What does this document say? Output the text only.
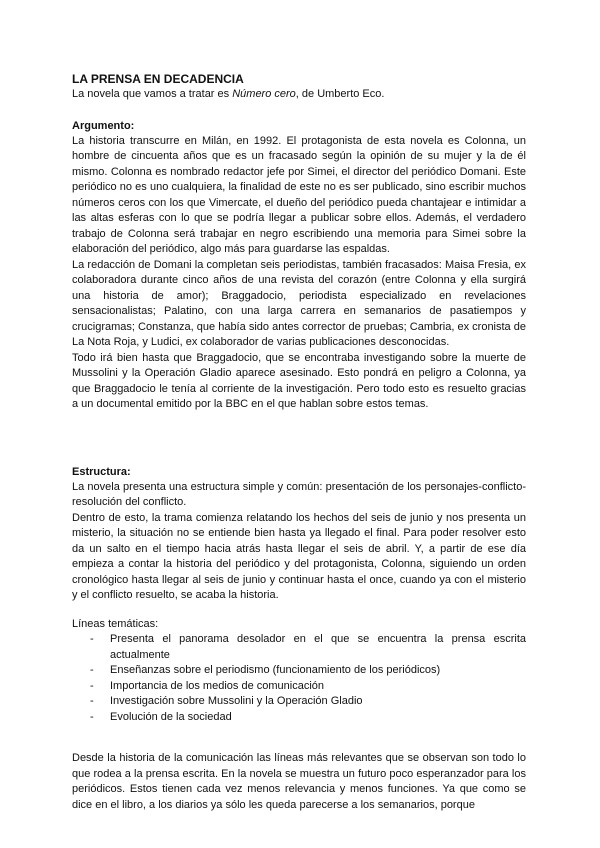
LA PRENSA EN DECADENCIA

La novela que vamos a tratar es Número cero, de Umberto Eco.

Argumento:

La historia transcurre en Milán, en 1992. El protagonista de esta novela es Colonna, un hombre de cincuenta años que es un fracasado según la opinión de su mujer y la de él mismo. Colonna es nombrado redactor jefe por Simei, el director del periódico Domani. Este periódico no es uno cualquiera, la finalidad de este no es ser publicado, sino escribir muchos números ceros con los que Vimercate, el dueño del periódico pueda chantajear e intimidar a las altas esferas con lo que se podría llegar a publicar sobre ellos. Además, el verdadero trabajo de Colonna será trabajar en negro escribiendo una memoria para Simei sobre la elaboración del periódico, algo más para guardarse las espaldas.

La redacción de Domani la completan seis periodistas, también fracasados: Maisa Fresia, ex colaboradora durante cinco años de una revista del corazón (entre Colonna y ella surgirá una historia de amor); Braggadocio, periodista especializado en revelaciones sensacionalistas; Palatino, con una larga carrera en semanarios de pasatiempos y crucigramas; Constanza, que había sido antes corrector de pruebas; Cambria, ex cronista de La Nota Roja, y Ludici, ex colaborador de varias publicaciones desconocidas.

Todo irá bien hasta que Braggadocio, que se encontraba investigando sobre la muerte de Mussolini y la Operación Gladio aparece asesinado. Esto pondrá en peligro a Colonna, ya que Braggadocio le tenía al corriente de la investigación. Pero todo esto es resuelto gracias a un documental emitido por la BBC en el que hablan sobre estos temas.

Estructura:

La novela presenta una estructura simple y común: presentación de los personajes-conflicto-resolución del conflicto.

Dentro de esto, la trama comienza relatando los hechos del seis de junio y nos presenta un misterio, la situación no se entiende bien hasta ya llegado el final. Para poder resolver esto da un salto en el tiempo hacia atrás hasta llegar el seis de abril. Y, a partir de ese día empieza a contar la historia del periódico y del protagonista, Colonna, siguiendo un orden cronológico hasta llegar al seis de junio y continuar hasta el once, cuando ya con el misterio y el conflicto resuelto, se acaba la historia.

Líneas temáticas:

- Presenta el panorama desolador en el que se encuentra la prensa escrita actualmente
- Enseñanzas sobre el periodismo (funcionamiento de los periódicos)
- Importancia de los medios de comunicación
- Investigación sobre Mussolini y la Operación Gladio
- Evolución de la sociedad

Desde la historia de la comunicación las líneas más relevantes que se observan son todo lo que rodea a la prensa escrita. En la novela se muestra un futuro poco esperanzador para los periódicos. Estos tienen cada vez menos relevancia y menos funciones. Ya que como se dice en el libro, a los diarios ya sólo les queda parecerse a los semanarios, porque
